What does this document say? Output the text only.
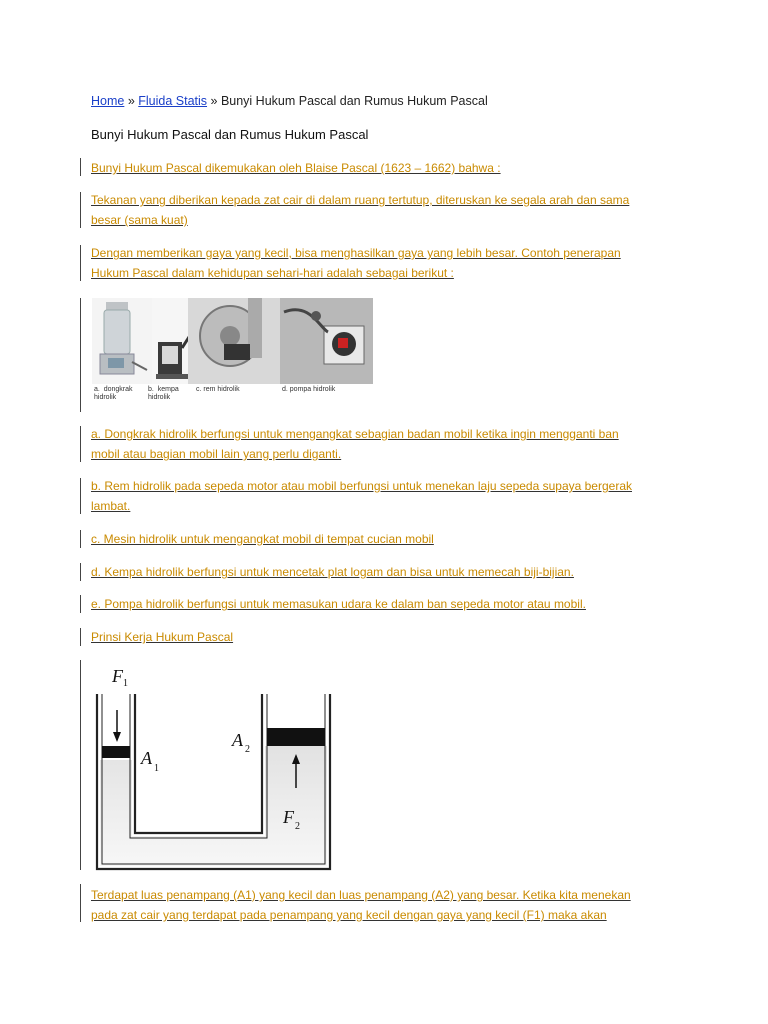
Home » Fluida Statis » Bunyi Hukum Pascal dan Rumus Hukum Pascal
Bunyi Hukum Pascal dan Rumus Hukum Pascal
Bunyi Hukum Pascal dikemukakan oleh Blaise Pascal (1623 – 1662) bahwa :
Tekanan yang diberikan kepada zat cair di dalam ruang tertutup, diteruskan ke segala arah dan sama
besar (sama kuat)
Dengan memberikan gaya yang kecil, bisa menghasilkan gaya yang lebih besar. Contoh penerapan
Hukum Pascal dalam kehidupan sehari-hari adalah sebagai berikut :
a.  dongkrak
hidrolik
b.  kempa
hidrolik
c. rem hidrolik	d. pompa hidrolik
a. Dongkrak hidrolik berfungsi untuk mengangkat sebagian badan mobil ketika ingin mengganti ban
mobil atau bagian mobil lain yang perlu diganti.
b. Rem hidrolik pada sepeda motor atau mobil berfungsi untuk menekan laju sepeda supaya bergerak
lambat.
c. Mesin hidrolik untuk mengangkat mobil di tempat cucian mobil
d. Kempa hidrolik berfungsi untuk mencetak plat logam dan bisa untuk memecah biji-bijian.
e. Pompa hidrolik berfungsi untuk memasukan udara ke dalam ban sepeda motor atau mobil.
Prinsi Kerja Hukum Pascal
F 1
A
1
A 2
F 2
Terdapat luas penampang (A1) yang kecil dan luas penampang (A2) yang besar. Ketika kita menekan
pada zat cair yang terdapat pada penampang yang kecil dengan gaya yang kecil (F1) maka akan
